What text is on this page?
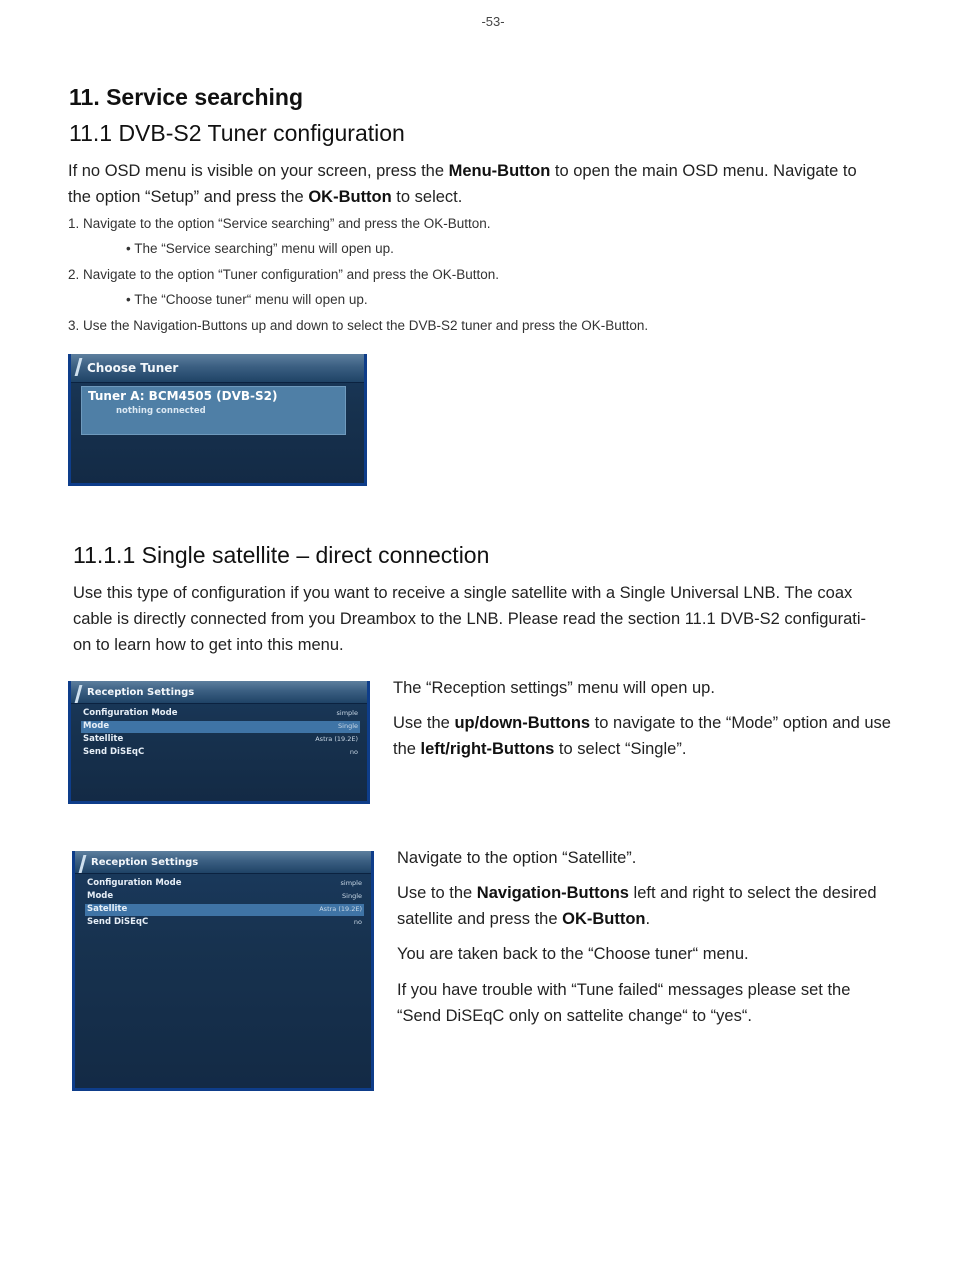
-53-
11. Service searching
11.1 DVB-S2 Tuner configuration
If no OSD menu is visible on your screen, press the Menu-Button to open the main OSD menu. Navigate to
the option “Setup” and press the OK-Button to select.
1. Navigate to the option “Service searching” and press the OK-Button.
• The “Service searching” menu will open up.
2. Navigate to the option “Tuner configuration” and press the OK-Button.
• The “Choose tuner“ menu will open up.
3. Use the Navigation-Buttons up and down to select the DVB-S2 tuner and press the OK-Button.
Choose Tuner
Tuner A: BCM4505 (DVB-S2)
nothing connected
11.1.1 Single satellite – direct connection
Use this type of configuration if you want to receive a single satellite with a Single Universal LNB. The coax
cable is directly connected from you Dreambox to the LNB. Please read the section 11.1 DVB-S2 configurati-
on to learn how to get into this menu.
Reception Settings
Configuration Mode	simple
Mode	Single
Satellite	Astra (19.2E)
Send DiSEqC	no
The “Reception settings” menu will open up.
Use the up/down-Buttons to navigate to the “Mode” option and use
the left/right-Buttons to select “Single”.
Reception Settings
Configuration Mode	simple
Mode	Single
Satellite	Astra (19.2E)
Send DiSEqC	no
Navigate to the option “Satellite”.
Use to the Navigation-Buttons left and right to select the desired
satellite and press the OK-Button.
You are taken back to the “Choose tuner“ menu.
If you have trouble with “Tune failed“ messages please set the
“Send DiSEqC only on sattelite change“ to “yes“.
